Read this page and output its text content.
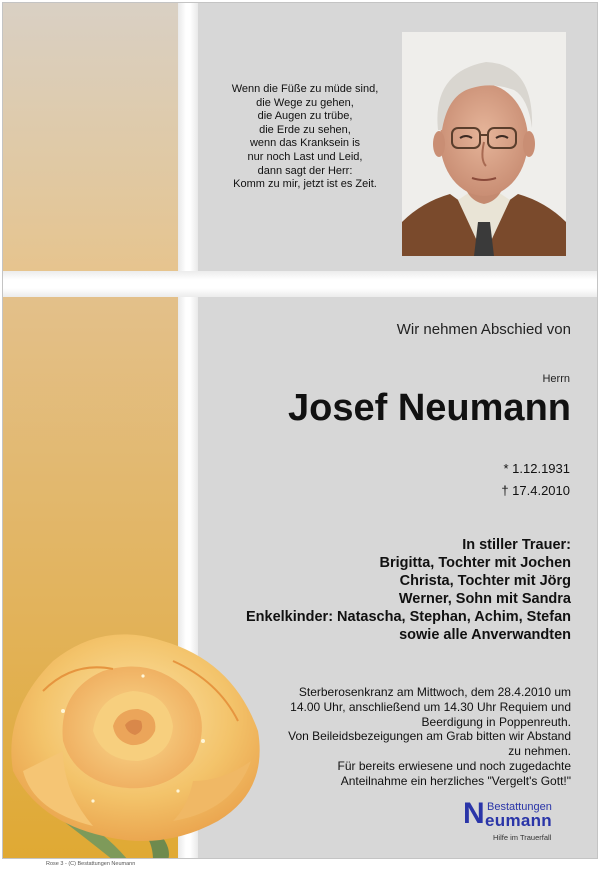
Wenn die Füße zu müde sind,
die Wege zu gehen,
die Augen zu trübe,
die Erde zu sehen,
wenn das Kranksein is
nur noch Last und Leid,
dann sagt der Herr:
Komm zu mir, jetzt ist es Zeit.
Wir nehmen Abschied von
Herrn
Josef Neumann
* 1.12.1931
† 17.4.2010
In stiller Trauer:
Brigitta, Tochter mit Jochen
Christa, Tochter mit Jörg
Werner, Sohn mit Sandra
Enkelkinder: Natascha, Stephan, Achim, Stefan
sowie alle Anverwandten
Sterberosenkranz am Mittwoch, dem 28.4.2010 um
14.00 Uhr, anschließend um 14.30 Uhr Requiem und
Beerdigung in Poppenreuth.
Von Beileidsbezeigungen am Grab bitten wir Abstand
zu nehmen.
Für bereits erwiesene und noch zugedachte
Anteilnahme ein herzliches "Vergelt's Gott!"
N Bestattungen
eumann
Hilfe im Trauerfall
Rose 3 - (C) Bestattungen Neumann
